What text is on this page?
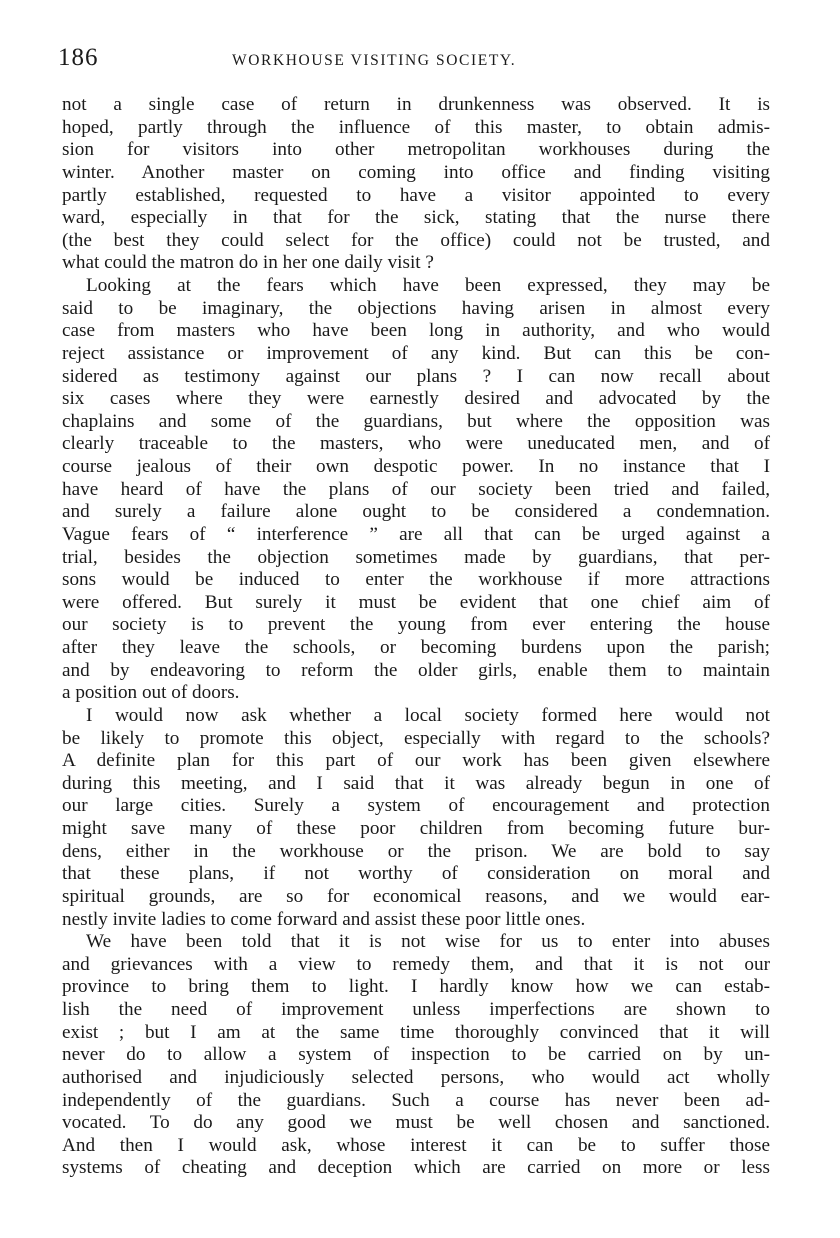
186	WORKHOUSE VISITING SOCIETY.
not a single case of return in drunkenness was observed. It is
hoped, partly through the influence of this master, to obtain admis-
sion for visitors into other metropolitan workhouses during the
winter. Another master on coming into office and finding visiting
partly established, requested to have a visitor appointed to every
ward, especially in that for the sick, stating that the nurse there
(the best they could select for the office) could not be trusted, and
what could the matron do in her one daily visit ?
Looking at the fears which have been expressed, they may be
said to be imaginary, the objections having arisen in almost every
case from masters who have been long in authority, and who would
reject assistance or improvement of any kind. But can this be con-
sidered as testimony against our plans ? I can now recall about
six cases where they were earnestly desired and advocated by the
chaplains and some of the guardians, but where the opposition was
clearly traceable to the masters, who were uneducated men, and of
course jealous of their own despotic power. In no instance that I
have heard of have the plans of our society been tried and failed,
and surely a failure alone ought to be considered a condemnation.
Vague fears of “ interference ” are all that can be urged against a
trial, besides the objection sometimes made by guardians, that per-
sons would be induced to enter the workhouse if more attractions
were offered. But surely it must be evident that one chief aim of
our society is to prevent the young from ever entering the house
after they leave the schools, or becoming burdens upon the parish;
and by endeavoring to reform the older girls, enable them to maintain
a position out of doors.
I would now ask whether a local society formed here would not
be likely to promote this object, especially with regard to the schools?
A definite plan for this part of our work has been given elsewhere
during this meeting, and I said that it was already begun in one of
our large cities. Surely a system of encouragement and protection
might save many of these poor children from becoming future bur-
dens, either in the workhouse or the prison. We are bold to say
that these plans, if not worthy of consideration on moral and
spiritual grounds, are so for economical reasons, and we would ear-
nestly invite ladies to come forward and assist these poor little ones.
We have been told that it is not wise for us to enter into abuses
and grievances with a view to remedy them, and that it is not our
province to bring them to light. I hardly know how we can estab-
lish the need of improvement unless imperfections are shown to
exist ; but I am at the same time thoroughly convinced that it will
never do to allow a system of inspection to be carried on by un-
authorised and injudiciously selected persons, who would act wholly
independently of the guardians. Such a course has never been ad-
vocated. To do any good we must be well chosen and sanctioned.
And then I would ask, whose interest it can be to suffer those
systems of cheating and deception which are carried on more or less
